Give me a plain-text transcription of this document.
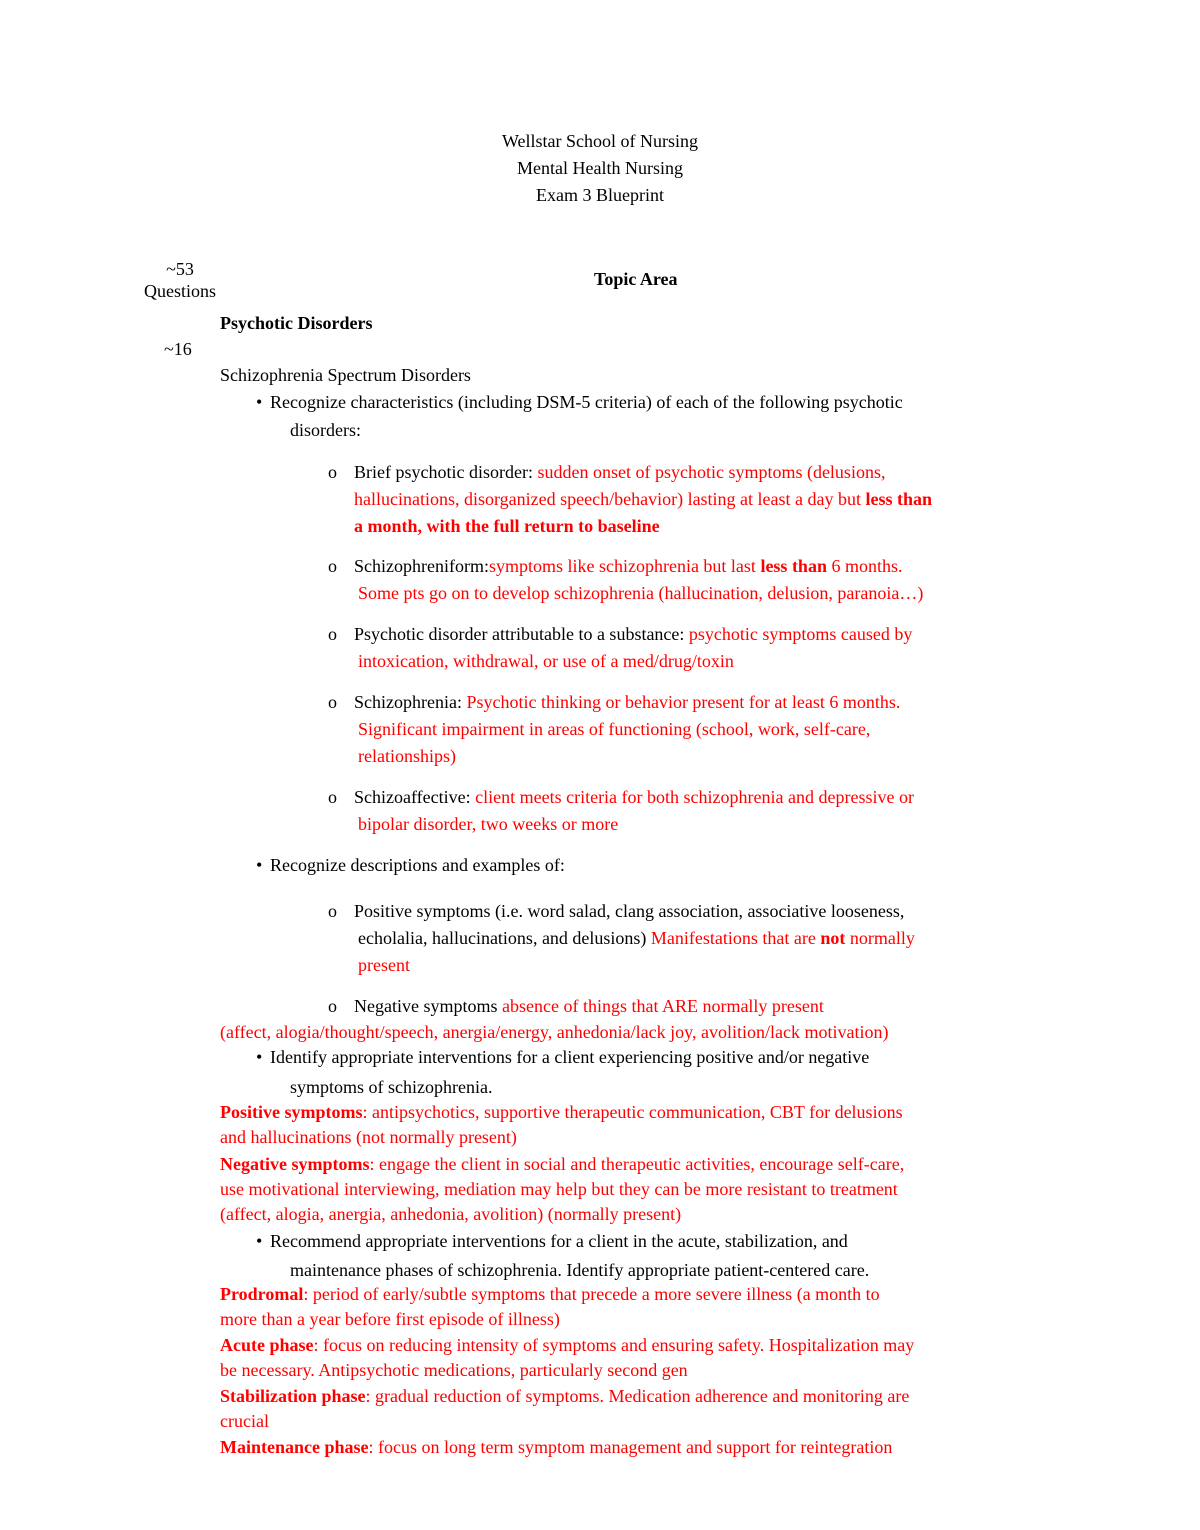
Wellstar School of Nursing
Mental Health Nursing
Exam 3 Blueprint
~53
Questions
Topic Area
Psychotic Disorders
~16
Schizophrenia Spectrum Disorders
• Recognize characteristics (including DSM-5 criteria) of each of the following psychotic
disorders:
o Brief psychotic disorder: sudden onset of psychotic symptoms (delusions,
hallucinations, disorganized speech/behavior) lasting at least a day but less than
a month, with the full return to baseline
o Schizophreniform:symptoms like schizophrenia but last less than 6 months.
Some pts go on to develop schizophrenia (hallucination, delusion, paranoia…)
o Psychotic disorder attributable to a substance: psychotic symptoms caused by
intoxication, withdrawal, or use of a med/drug/toxin
o Schizophrenia: Psychotic thinking or behavior present for at least 6 months.
Significant impairment in areas of functioning (school, work, self-care,
relationships)
o Schizoaffective: client meets criteria for both schizophrenia and depressive or
bipolar disorder, two weeks or more
• Recognize descriptions and examples of:
o Positive symptoms (i.e. word salad, clang association, associative looseness,
echolalia, hallucinations, and delusions) Manifestations that are not normally
present
o Negative symptoms absence of things that ARE normally present
(affect, alogia/thought/speech, anergia/energy, anhedonia/lack joy, avolition/lack motivation)
• Identify appropriate interventions for a client experiencing positive and/or negative
symptoms of schizophrenia.
Positive symptoms: antipsychotics, supportive therapeutic communication, CBT for delusions
and hallucinations (not normally present)
Negative symptoms: engage the client in social and therapeutic activities, encourage self-care,
use motivational interviewing, mediation may help but they can be more resistant to treatment
(affect, alogia, anergia, anhedonia, avolition) (normally present)
• Recommend appropriate interventions for a client in the acute, stabilization, and
maintenance phases of schizophrenia. Identify appropriate patient-centered care.
Prodromal: period of early/subtle symptoms that precede a more severe illness (a month to
more than a year before first episode of illness)
Acute phase: focus on reducing intensity of symptoms and ensuring safety. Hospitalization may
be necessary. Antipsychotic medications, particularly second gen
Stabilization phase: gradual reduction of symptoms. Medication adherence and monitoring are
crucial
Maintenance phase: focus on long term symptom management and support for reintegration
